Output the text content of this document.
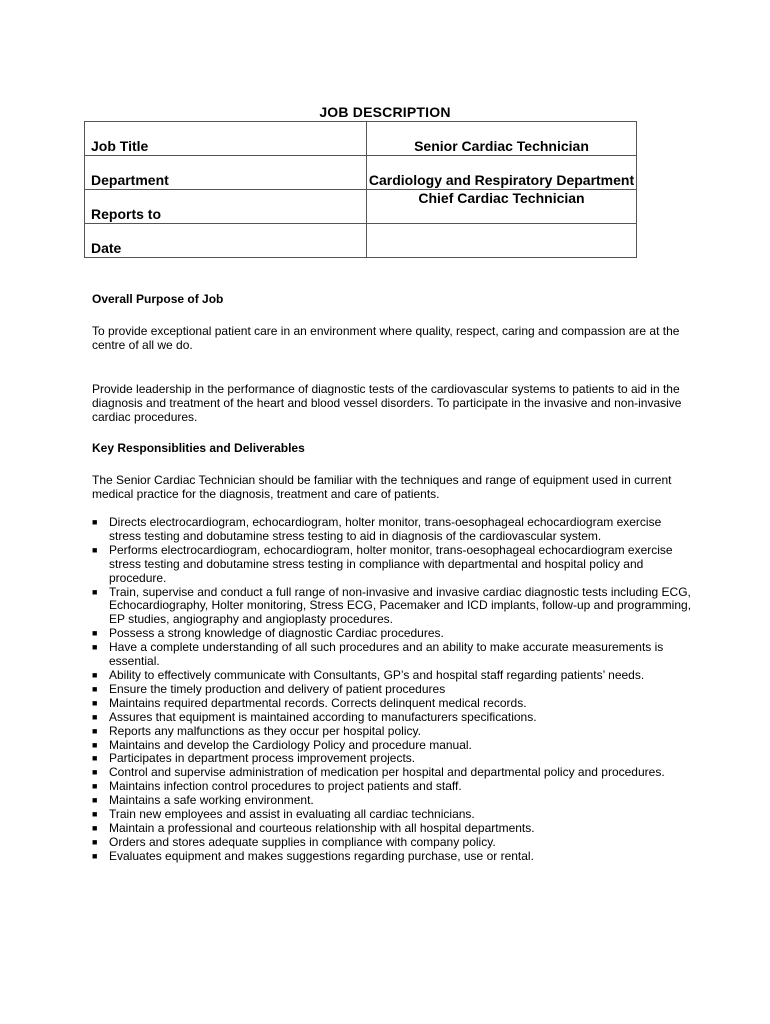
JOB DESCRIPTION
Job Title	Senior Cardiac Technician
Department	Cardiology and Respiratory Department
Reports to	Chief Cardiac Technician
Date	
Overall Purpose of Job
To provide exceptional patient care in an environment where quality, respect, caring and compassion are at the centre of all we do.
Provide leadership in the performance of diagnostic tests of the cardiovascular systems to patients to aid in the diagnosis and treatment of the heart and blood vessel disorders. To participate in the invasive and non-invasive cardiac procedures.
Key Responsiblities and Deliverables
The Senior Cardiac Technician should be familiar with the techniques and range of equipment used in current medical practice for the diagnosis, treatment and care of patients.
■ Directs electrocardiogram, echocardiogram, holter monitor, trans-oesophageal echocardiogram exercise stress testing and dobutamine stress testing to aid in diagnosis of the cardiovascular system.
■ Performs electrocardiogram, echocardiogram, holter monitor, trans-oesophageal echocardiogram exercise stress testing and dobutamine stress testing in compliance with departmental and hospital policy and procedure.
■ Train, supervise and conduct a full range of non-invasive and invasive cardiac diagnostic tests including ECG, Echocardiography, Holter monitoring, Stress ECG, Pacemaker and ICD implants, follow-up and programming, EP studies, angiography and angioplasty procedures.
■ Possess a strong knowledge of diagnostic Cardiac procedures.
■ Have a complete understanding of all such procedures and an ability to make accurate measurements is essential.
■ Ability to effectively communicate with Consultants, GP’s and hospital staff regarding patients’ needs.
■ Ensure the timely production and delivery of patient procedures
■ Maintains required departmental records. Corrects delinquent medical records.
■ Assures that equipment is maintained according to manufacturers specifications.
■ Reports any malfunctions as they occur per hospital policy.
■ Maintains and develop the Cardiology Policy and procedure manual.
■ Participates in department process improvement projects.
■ Control and supervise administration of medication per hospital and departmental policy and procedures.
■ Maintains infection control procedures to project patients and staff.
■ Maintains a safe working environment.
■ Train new employees and assist in evaluating all cardiac technicians.
■ Maintain a professional and courteous relationship with all hospital departments.
■ Orders and stores adequate supplies in compliance with company policy.
■ Evaluates equipment and makes suggestions regarding purchase, use or rental.
